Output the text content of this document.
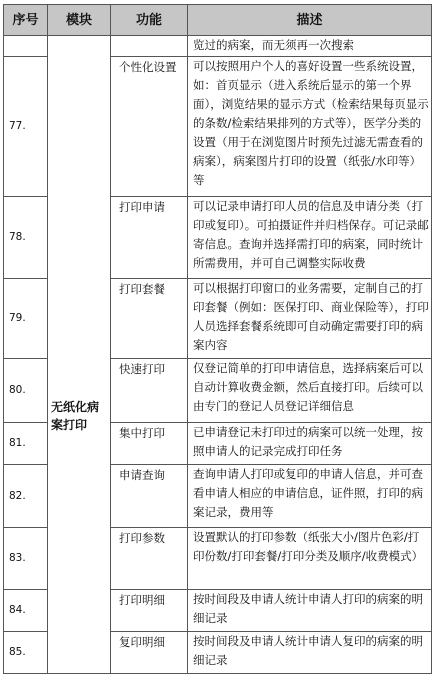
序号	模块	功能	描述
	无纸化病案打印		览过的病案，而无须再一次搜索
77.		个性化设置	可以按照用户个人的喜好设置一些系统设置，如：首页显示（进入系统后显示的第一个界面），浏览结果的显示方式（检索结果每页显示的条数/检索结果排列的方式等），医学分类的设置（用于在浏览图片时预先过滤无需查看的病案），病案图片打印的设置（纸张/水印等）等
78.		打印申请	可以记录申请打印人员的信息及申请分类（打印或复印）。可拍摄证件并归档保存。可记录邮寄信息。查询并选择需打印的病案，同时统计所需费用，并可自己调整实际收费
79.		打印套餐	可以根据打印窗口的业务需要，定制自己的打印套餐（例如：医保打印、商业保险等），打印人员选择套餐系统即可自动确定需要打印的病案内容
80.		快速打印	仅登记简单的打印申请信息，选择病案后可以自动计算收费金额，然后直接打印。后续可以由专门的登记人员登记详细信息
81.		集中打印	已申请登记未打印过的病案可以统一处理，按照申请人的记录完成打印任务
82.		申请查询	查询申请人打印或复印的申请人信息，并可查看申请人相应的申请信息，证件照，打印的病案记录，费用等
83.		打印参数	设置默认的打印参数（纸张大小/图片色彩/打印份数/打印套餐/打印分类及顺序/收费模式）
84.		打印明细	按时间段及申请人统计申请人打印的病案的明细记录
85.		复印明细	按时间段及申请人统计申请人复印的病案的明细记录
